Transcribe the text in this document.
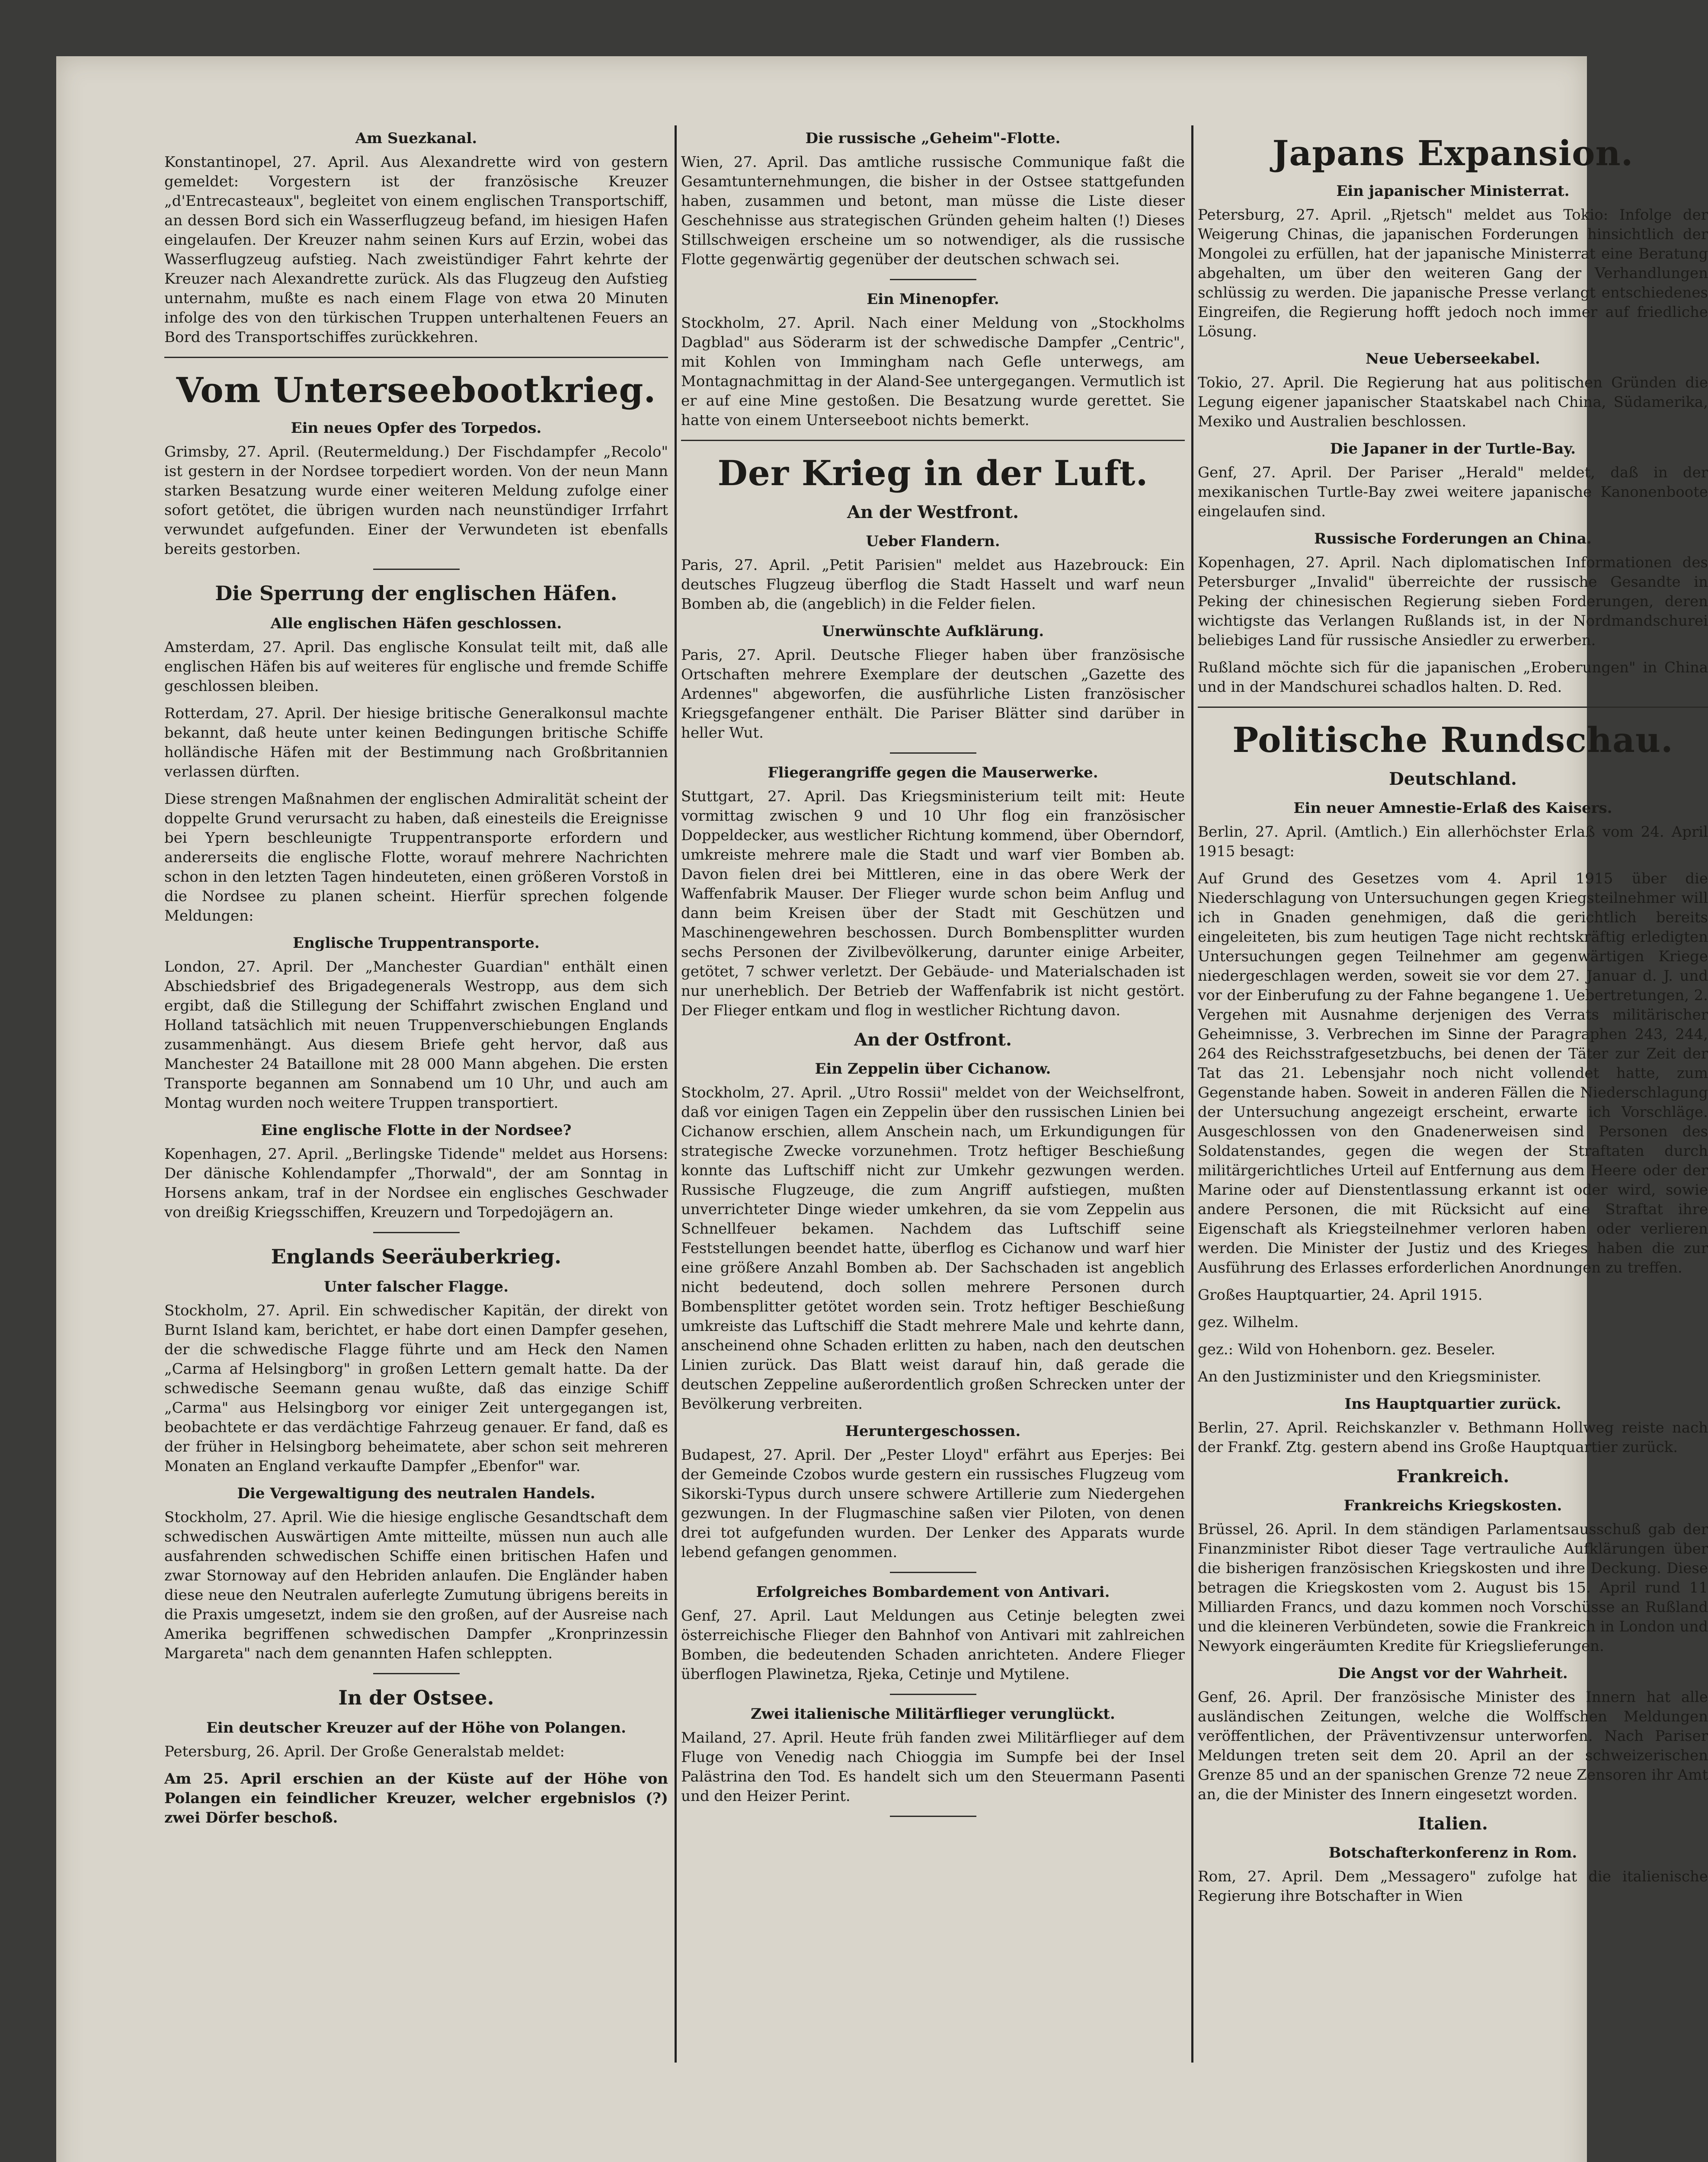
Am Suezkanal.

Konstantinopel, 27. April. Aus Alexandrette wird von gestern gemeldet: Vorgestern ist der französische Kreuzer „d'Entrecasteaux", begleitet von einem englischen Transportschiff, an dessen Bord sich ein Wasserflugzeug befand, im hiesigen Hafen eingelaufen. Der Kreuzer nahm seinen Kurs auf Erzin, wobei das Wasserflugzeug aufstieg. Nach zweistündiger Fahrt kehrte der Kreuzer nach Alexandrette zurück. Als das Flugzeug den Aufstieg unternahm, mußte es nach einem Flage von etwa 20 Minuten infolge des von den türkischen Truppen unterhaltenen Feuers an Bord des Transportschiffes zurückkehren.

Vom Unterseebootkrieg.
Ein neues Opfer des Torpedos.

Grimsby, 27. April. (Reutermeldung.) Der Fischdampfer „Recolo" ist gestern in der Nordsee torpediert worden. Von der neun Mann starken Besatzung wurde einer weiteren Meldung zufolge einer sofort getötet, die übrigen wurden nach neunstündiger Irrfahrt verwundet aufgefunden. Einer der Verwundeten ist ebenfalls bereits gestorben.

Die Sperrung der englischen Häfen.
Alle englischen Häfen geschlossen.

Amsterdam, 27. April. Das englische Konsulat teilt mit, daß alle englischen Häfen bis auf weiteres für englische und fremde Schiffe geschlossen bleiben.

Rotterdam, 27. April. Der hiesige britische Generalkonsul machte bekannt, daß heute unter keinen Bedingungen britische Schiffe holländische Häfen mit der Bestimmung nach Großbritannien verlassen dürften.

Diese strengen Maßnahmen der englischen Admiralität scheint der doppelte Grund verursacht zu haben, daß einesteils die Ereignisse bei Ypern beschleunigte Truppentransporte erfordern und andererseits die englische Flotte, worauf mehrere Nachrichten schon in den letzten Tagen hindeuteten, einen größeren Vorstoß in die Nordsee zu planen scheint. Hierfür sprechen folgende Meldungen:

Englische Truppentransporte.

London, 27. April. Der „Manchester Guardian" enthält einen Abschiedsbrief des Brigadegenerals Westropp, aus dem sich ergibt, daß die Stillegung der Schiffahrt zwischen England und Holland tatsächlich mit neuen Truppenverschiebungen Englands zusammenhängt. Aus diesem Briefe geht hervor, daß aus Manchester 24 Bataillone mit 28 000 Mann abgehen. Die ersten Transporte begannen am Sonnabend um 10 Uhr, und auch am Montag wurden noch weitere Truppen transportiert.

Eine englische Flotte in der Nordsee?

Kopenhagen, 27. April. „Berlingske Tidende" meldet aus Horsens: Der dänische Kohlendampfer „Thorwald", der am Sonntag in Horsens ankam, traf in der Nordsee ein englisches Geschwader von dreißig Kriegsschiffen, Kreuzern und Torpedojägern an.

Englands Seeräuberkrieg.
Unter falscher Flagge.

Stockholm, 27. April. Ein schwedischer Kapitän, der direkt von Burnt Island kam, berichtet, er habe dort einen Dampfer gesehen, der die schwedische Flagge führte und am Heck den Namen „Carma af Helsingborg" in großen Lettern gemalt hatte. Da der schwedische Seemann genau wußte, daß das einzige Schiff „Carma" aus Helsingborg vor einiger Zeit untergegangen ist, beobachtete er das verdächtige Fahrzeug genauer. Er fand, daß es der früher in Helsingborg beheimatete, aber schon seit mehreren Monaten an England verkaufte Dampfer „Ebenfor" war.

Die Vergewaltigung des neutralen Handels.

Stockholm, 27. April. Wie die hiesige englische Gesandtschaft dem schwedischen Auswärtigen Amte mitteilte, müssen nun auch alle ausfahrenden schwedischen Schiffe einen britischen Hafen und zwar Stornoway auf den Hebriden anlaufen. Die Engländer haben diese neue den Neutralen auferlegte Zumutung übrigens bereits in die Praxis umgesetzt, indem sie den großen, auf der Ausreise nach Amerika begriffenen schwedischen Dampfer „Kronprinzessin Margareta" nach dem genannten Hafen schleppten.

In der Ostsee.
Ein deutscher Kreuzer auf der Höhe von Polangen.

Petersburg, 26. April. Der Große Generalstab meldet:

Am 25. April erschien an der Küste auf der Höhe von Polangen ein feindlicher Kreuzer, welcher ergebnislos (?) zwei Dörfer beschoß.

Die russische „Geheim"-Flotte.

Wien, 27. April. Das amtliche russische Communique faßt die Gesamtunternehmungen, die bisher in der Ostsee stattgefunden haben, zusammen und betont, man müsse die Liste dieser Geschehnisse aus strategischen Gründen geheim halten (!) Dieses Stillschweigen erscheine um so notwendiger, als die russische Flotte gegenwärtig gegenüber der deutschen schwach sei.

Ein Minenopfer.

Stockholm, 27. April. Nach einer Meldung von „Stockholms Dagblad" aus Söderarm ist der schwedische Dampfer „Centric", mit Kohlen von Immingham nach Gefle unterwegs, am Montagnachmittag in der Aland-See untergegangen. Vermutlich ist er auf eine Mine gestoßen. Die Besatzung wurde gerettet. Sie hatte von einem Unterseeboot nichts bemerkt.

Der Krieg in der Luft.
An der Westfront.
Ueber Flandern.

Paris, 27. April. „Petit Parisien" meldet aus Hazebrouck: Ein deutsches Flugzeug überflog die Stadt Hasselt und warf neun Bomben ab, die (angeblich) in die Felder fielen.

Unerwünschte Aufklärung.

Paris, 27. April. Deutsche Flieger haben über französische Ortschaften mehrere Exemplare der deutschen „Gazette des Ardennes" abgeworfen, die ausführliche Listen französischer Kriegsgefangener enthält. Die Pariser Blätter sind darüber in heller Wut.

Fliegerangriffe gegen die Mauserwerke.

Stuttgart, 27. April. Das Kriegsministerium teilt mit: Heute vormittag zwischen 9 und 10 Uhr flog ein französischer Doppeldecker, aus westlicher Richtung kommend, über Oberndorf, umkreiste mehrere male die Stadt und warf vier Bomben ab. Davon fielen drei bei Mittleren, eine in das obere Werk der Waffenfabrik Mauser. Der Flieger wurde schon beim Anflug und dann beim Kreisen über der Stadt mit Geschützen und Maschinengewehren beschossen. Durch Bombensplitter wurden sechs Personen der Zivilbevölkerung, darunter einige Arbeiter, getötet, 7 schwer verletzt. Der Gebäude- und Materialschaden ist nur unerheblich. Der Betrieb der Waffenfabrik ist nicht gestört. Der Flieger entkam und flog in westlicher Richtung davon.

An der Ostfront.
Ein Zeppelin über Cichanow.

Stockholm, 27. April. „Utro Rossii" meldet von der Weichselfront, daß vor einigen Tagen ein Zeppelin über den russischen Linien bei Cichanow erschien, allem Anschein nach, um Erkundigungen für strategische Zwecke vorzunehmen. Trotz heftiger Beschießung konnte das Luftschiff nicht zur Umkehr gezwungen werden. Russische Flugzeuge, die zum Angriff aufstiegen, mußten unverrichteter Dinge wieder umkehren, da sie vom Zeppelin aus Schnellfeuer bekamen. Nachdem das Luftschiff seine Feststellungen beendet hatte, überflog es Cichanow und warf hier eine größere Anzahl Bomben ab. Der Sachschaden ist angeblich nicht bedeutend, doch sollen mehrere Personen durch Bombensplitter getötet worden sein. Trotz heftiger Beschießung umkreiste das Luftschiff die Stadt mehrere Male und kehrte dann, anscheinend ohne Schaden erlitten zu haben, nach den deutschen Linien zurück. Das Blatt weist darauf hin, daß gerade die deutschen Zeppeline außerordentlich großen Schrecken unter der Bevölkerung verbreiten.

Heruntergeschossen.

Budapest, 27. April. Der „Pester Lloyd" erfährt aus Eperjes: Bei der Gemeinde Czobos wurde gestern ein russisches Flugzeug vom Sikorski-Typus durch unsere schwere Artillerie zum Niedergehen gezwungen. In der Flugmaschine saßen vier Piloten, von denen drei tot aufgefunden wurden. Der Lenker des Apparats wurde lebend gefangen genommen.

Erfolgreiches Bombardement von Antivari.

Genf, 27. April. Laut Meldungen aus Cetinje belegten zwei österreichische Flieger den Bahnhof von Antivari mit zahlreichen Bomben, die bedeutenden Schaden anrichteten. Andere Flieger überflogen Plawinetza, Rjeka, Cetinje und Mytilene.

Zwei italienische Militärflieger verunglückt.

Mailand, 27. April. Heute früh fanden zwei Militärflieger auf dem Fluge von Venedig nach Chioggia im Sumpfe bei der Insel Palästrina den Tod. Es handelt sich um den Steuermann Pasenti und den Heizer Perint.

Japans Expansion.
Ein japanischer Ministerrat.

Petersburg, 27. April. „Rjetsch" meldet aus Tokio: Infolge der Weigerung Chinas, die japanischen Forderungen hinsichtlich der Mongolei zu erfüllen, hat der japanische Ministerrat eine Beratung abgehalten, um über den weiteren Gang der Verhandlungen schlüssig zu werden. Die japanische Presse verlangt entschiedenes Eingreifen, die Regierung hofft jedoch noch immer auf friedliche Lösung.

Neue Ueberseekabel.

Tokio, 27. April. Die Regierung hat aus politischen Gründen die Legung eigener japanischer Staatskabel nach China, Südamerika, Mexiko und Australien beschlossen.

Die Japaner in der Turtle-Bay.

Genf, 27. April. Der Pariser „Herald" meldet, daß in der mexikanischen Turtle-Bay zwei weitere japanische Kanonenboote eingelaufen sind.

Russische Forderungen an China.

Kopenhagen, 27. April. Nach diplomatischen Informationen des Petersburger „Invalid" überreichte der russische Gesandte in Peking der chinesischen Regierung sieben Forderungen, deren wichtigste das Verlangen Rußlands ist, in der Nordmandschurei beliebiges Land für russische Ansiedler zu erwerben.

Rußland möchte sich für die japanischen „Eroberungen" in China und in der Mandschurei schadlos halten. D. Red.

Politische Rundschau.
Deutschland.
Ein neuer Amnestie-Erlaß des Kaisers.

Berlin, 27. April. (Amtlich.) Ein allerhöchster Erlaß vom 24. April 1915 besagt:

Auf Grund des Gesetzes vom 4. April 1915 über die Niederschlagung von Untersuchungen gegen Kriegsteilnehmer will ich in Gnaden genehmigen, daß die gerichtlich bereits eingeleiteten, bis zum heutigen Tage nicht rechtskräftig erledigten Untersuchungen gegen Teilnehmer am gegenwärtigen Kriege niedergeschlagen werden, soweit sie vor dem 27. Januar d. J. und vor der Einberufung zu der Fahne begangene 1. Uebertretungen, 2. Vergehen mit Ausnahme derjenigen des Verrats militärischer Geheimnisse, 3. Verbrechen im Sinne der Paragraphen 243, 244, 264 des Reichsstrafgesetzbuchs, bei denen der Täter zur Zeit der Tat das 21. Lebensjahr noch nicht vollendet hatte, zum Gegenstande haben. Soweit in anderen Fällen die Niederschlagung der Untersuchung angezeigt erscheint, erwarte ich Vorschläge. Ausgeschlossen von den Gnadenerweisen sind Personen des Soldatenstandes, gegen die wegen der Straftaten durch militärgerichtliches Urteil auf Entfernung aus dem Heere oder der Marine oder auf Dienstentlassung erkannt ist oder wird, sowie andere Personen, die mit Rücksicht auf eine Straftat ihre Eigenschaft als Kriegsteilnehmer verloren haben oder verlieren werden. Die Minister der Justiz und des Krieges haben die zur Ausführung des Erlasses erforderlichen Anordnungen zu treffen.

Großes Hauptquartier, 24. April 1915.

gez. Wilhelm.

gez.: Wild von Hohenborn. gez. Beseler.

An den Justizminister und den Kriegsminister.

Ins Hauptquartier zurück.

Berlin, 27. April. Reichskanzler v. Bethmann Hollweg reiste nach der Frankf. Ztg. gestern abend ins Große Hauptquartier zurück.

Frankreich.
Frankreichs Kriegskosten.

Brüssel, 26. April. In dem ständigen Parlamentsausschuß gab der Finanzminister Ribot dieser Tage vertrauliche Aufklärungen über die bisherigen französischen Kriegskosten und ihre Deckung. Diese betragen die Kriegskosten vom 2. August bis 15. April rund 11 Milliarden Francs, und dazu kommen noch Vorschüsse an Rußland und die kleineren Verbündeten, sowie die Frankreich in London und Newyork eingeräumten Kredite für Kriegslieferungen.

Die Angst vor der Wahrheit.

Genf, 26. April. Der französische Minister des Innern hat alle ausländischen Zeitungen, welche die Wolffschen Meldungen veröffentlichen, der Präventivzensur unterworfen. Nach Pariser Meldungen treten seit dem 20. April an der schweizerischen Grenze 85 und an der spanischen Grenze 72 neue Zensoren ihr Amt an, die der Minister des Innern eingesetzt worden.

Italien.
Botschafterkonferenz in Rom.

Rom, 27. April. Dem „Messagero" zufolge hat die italienische Regierung ihre Botschafter in Wien
